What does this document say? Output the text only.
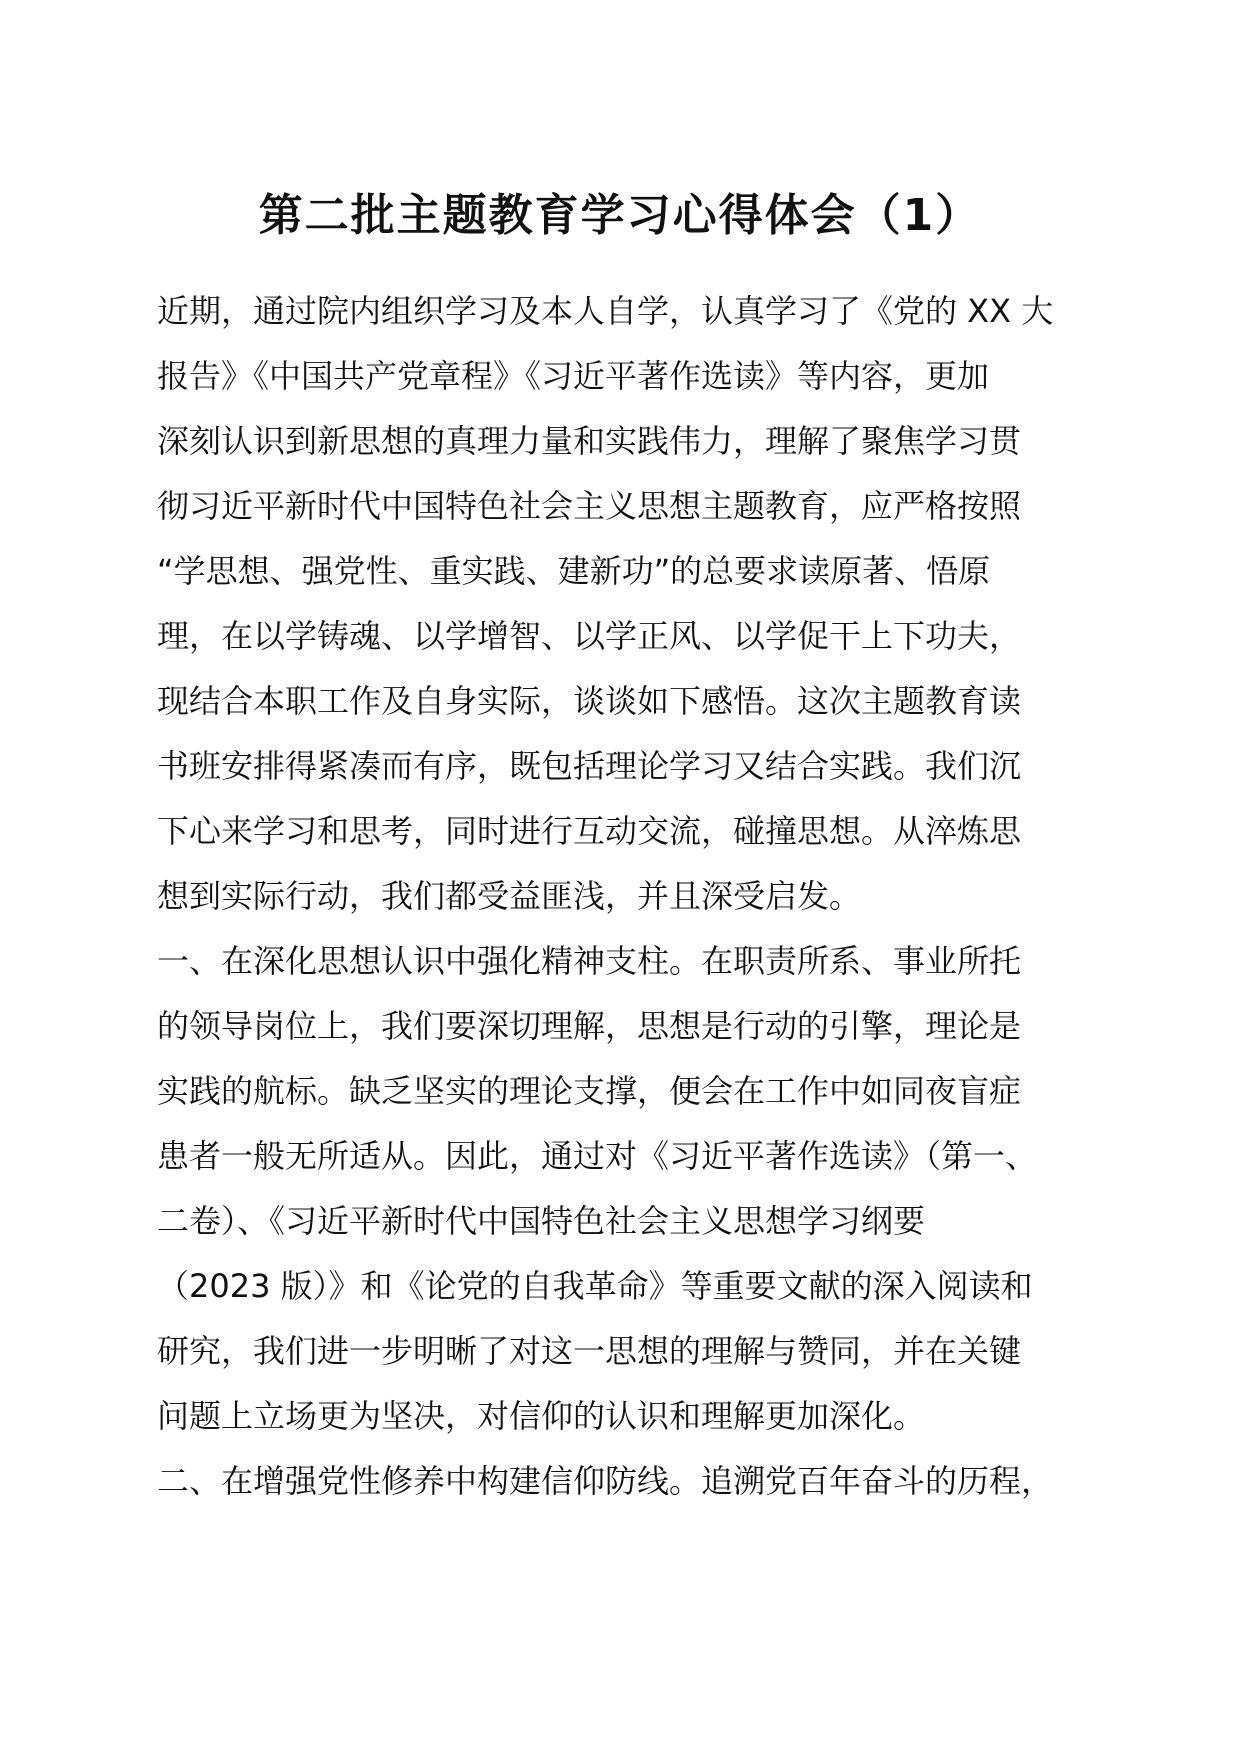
第二批主题教育学习心得体会（1）

近期，通过院内组织学习及本人自学，认真学习了《党的 XX 大

报告》《中国共产党章程》《习近平著作选读》等内容，更加

深刻认识到新思想的真理力量和实践伟力，理解了聚焦学习贯

彻习近平新时代中国特色社会主义思想主题教育，应严格按照

“学思想、强党性、重实践、建新功”的总要求读原著、悟原

理，在以学铸魂、以学增智、以学正风、以学促干上下功夫，

现结合本职工作及自身实际，谈谈如下感悟。这次主题教育读

书班安排得紧凑而有序，既包括理论学习又结合实践。我们沉

下心来学习和思考，同时进行互动交流，碰撞思想。从淬炼思

想到实际行动，我们都受益匪浅，并且深受启发。

一、在深化思想认识中强化精神支柱。在职责所系、事业所托

的领导岗位上，我们要深切理解，思想是行动的引擎，理论是

实践的航标。缺乏坚实的理论支撑，便会在工作中如同夜盲症

患者一般无所适从。因此，通过对《习近平著作选读》（第一、

二卷）、《习近平新时代中国特色社会主义思想学习纲要

（2023 版）》和《论党的自我革命》等重要文献的深入阅读和

研究，我们进一步明晰了对这一思想的理解与赞同，并在关键

问题上立场更为坚决，对信仰的认识和理解更加深化。

二、在增强党性修养中构建信仰防线。追溯党百年奋斗的历程，
